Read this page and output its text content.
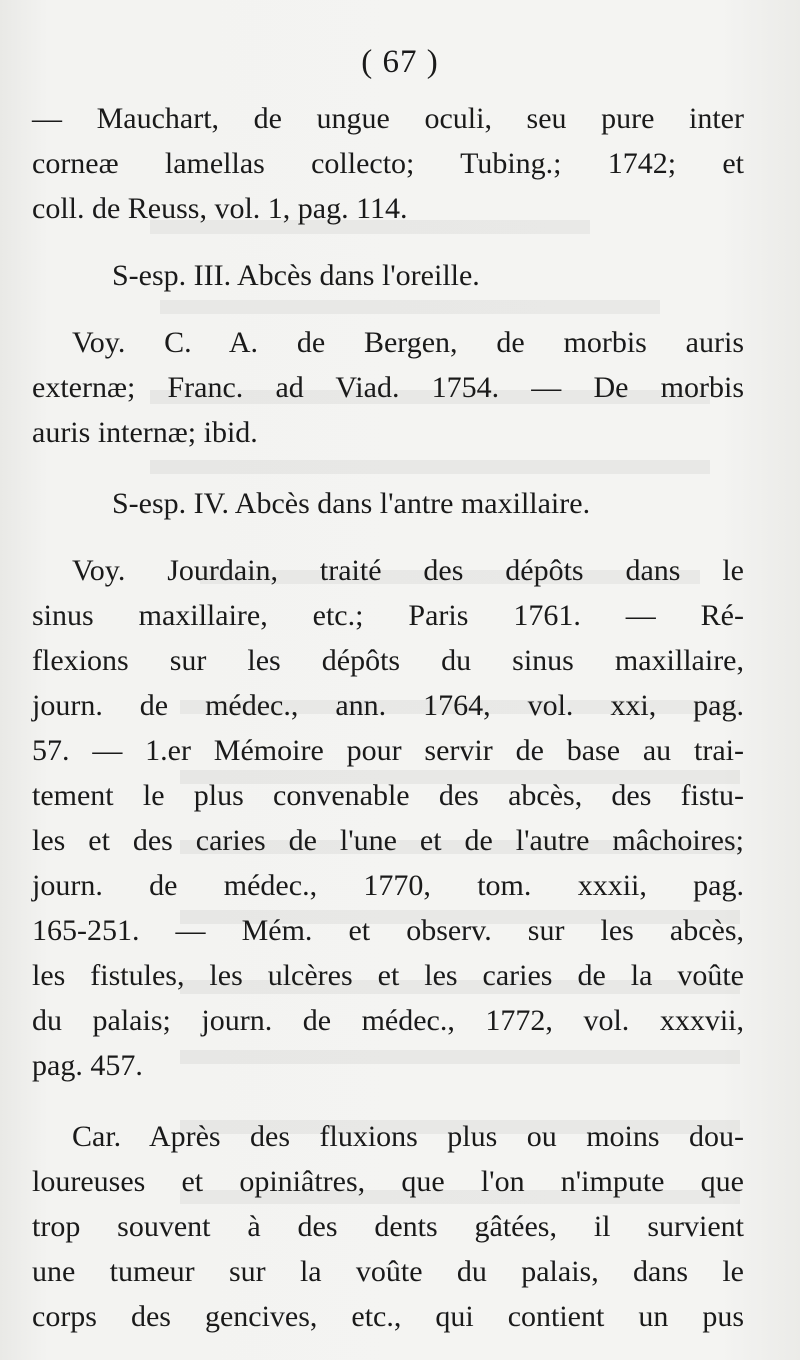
( 67 )
— Mauchart, de ungue oculi, seu pure inter
corneæ lamellas collecto; Tubing.; 1742; et
coll. de Reuss, vol. 1, pag. 114.
S-esp. III. Abcès dans l'oreille.
Voy. C. A. de Bergen, de morbis auris
externæ; Franc. ad Viad. 1754. — De morbis
auris internæ; ibid.
S-esp. IV. Abcès dans l'antre maxillaire.
Voy. Jourdain, traité des dépôts dans le
sinus maxillaire, etc.; Paris 1761. — Ré-
flexions sur les dépôts du sinus maxillaire,
journ. de médec., ann. 1764, vol. xxi, pag.
57. — 1.er Mémoire pour servir de base au trai-
tement le plus convenable des abcès, des fistu-
les et des caries de l'une et de l'autre mâchoires;
journ. de médec., 1770, tom. xxxii, pag.
165-251. — Mém. et observ. sur les abcès,
les fistules, les ulcères et les caries de la voûte
du palais; journ. de médec., 1772, vol. xxxvii,
pag. 457.
Car. Après des fluxions plus ou moins dou-
loureuses et opiniâtres, que l'on n'impute que
trop souvent à des dents gâtées, il survient
une tumeur sur la voûte du palais, dans le
corps des gencives, etc., qui contient un pus
